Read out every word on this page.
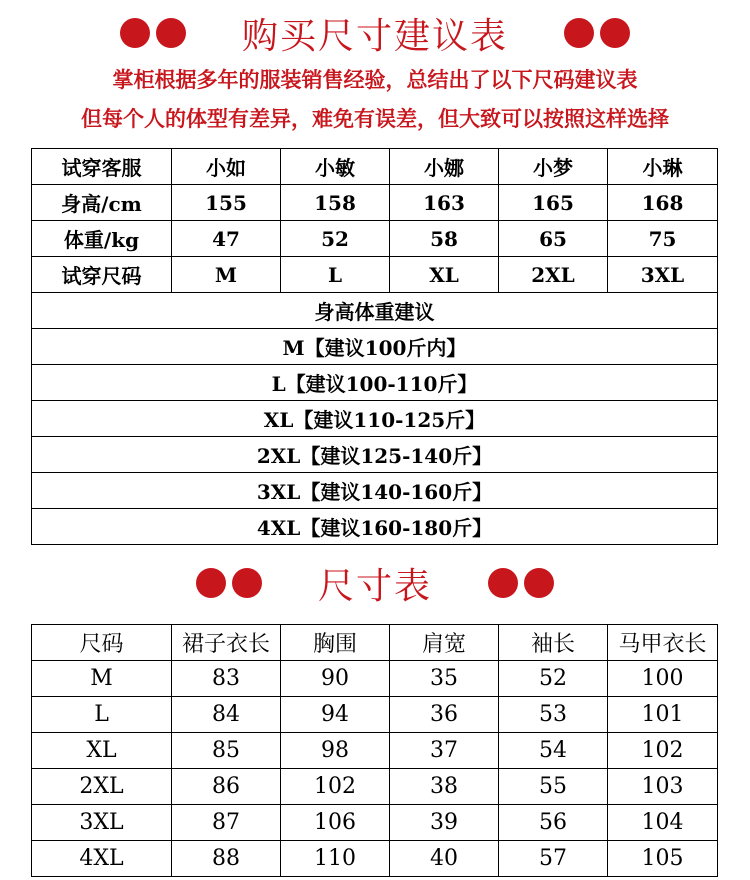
购买尺寸建议表
掌柜根据多年的服装销售经验，总结出了以下尺码建议表
但每个人的体型有差异，难免有误差，但大致可以按照这样选择
试穿客服	小如	小敏	小娜	小梦	小琳
身高/cm	155	158	163	165	168
体重/kg	47	52	58	65	75
试穿尺码	M	L	XL	2XL	3XL
身高体重建议					
M【建议100斤内】					
L【建议100-110斤】					
XL【建议110-125斤】					
2XL【建议125-140斤】					
3XL【建议140-160斤】					
4XL【建议160-180斤】					
尺寸表
尺码	裙子衣长	胸围	肩宽	袖长	马甲衣长
M	83	90	35	52	100
L	84	94	36	53	101
XL	85	98	37	54	102
2XL	86	102	38	55	103
3XL	87	106	39	56	104
4XL	88	110	40	57	105
